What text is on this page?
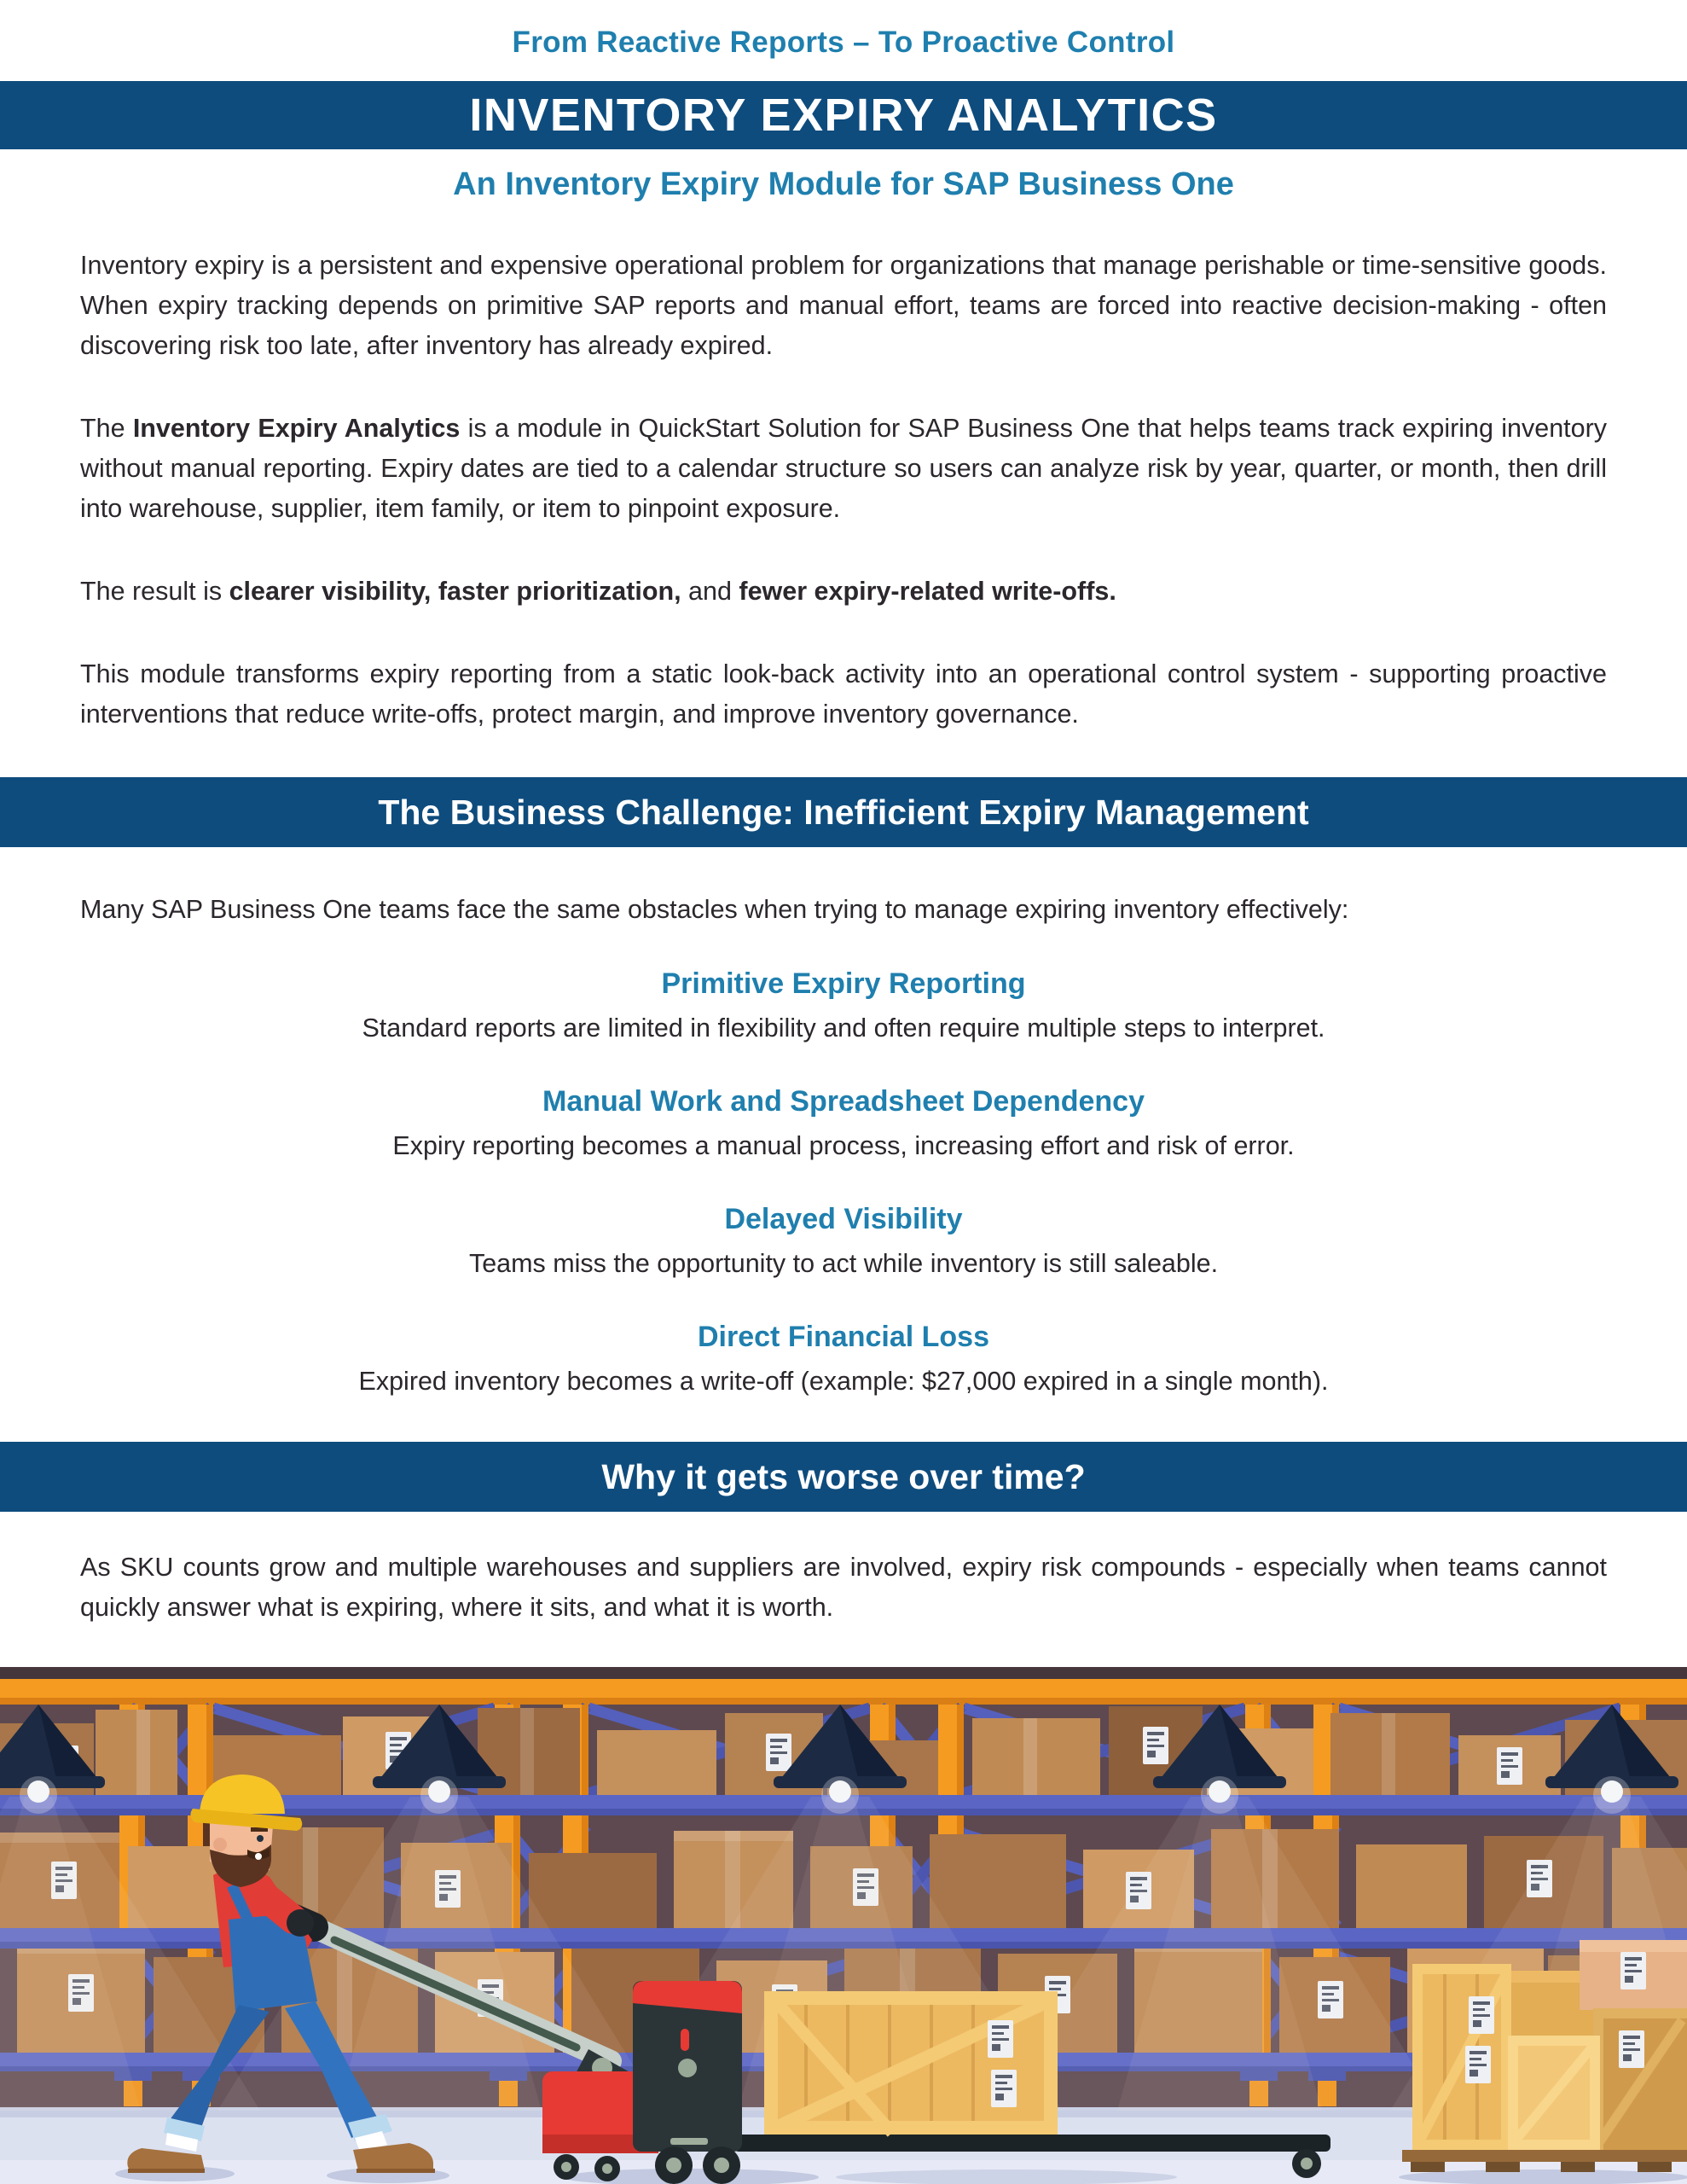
From Reactive Reports – To Proactive Control
INVENTORY EXPIRY ANALYTICS
An Inventory Expiry Module for SAP Business One

Inventory expiry is a persistent and expensive operational problem for organizations that manage perishable or time-sensitive goods. When expiry tracking depends on primitive SAP reports and manual effort, teams are forced into reactive decision-making - often discovering risk too late, after inventory has already expired.

The Inventory Expiry Analytics is a module in QuickStart Solution for SAP Business One that helps teams track expiring inventory without manual reporting. Expiry dates are tied to a calendar structure so users can analyze risk by year, quarter, or month, then drill into warehouse, supplier, item family, or item to pinpoint exposure.

The result is clearer visibility, faster prioritization, and fewer expiry-related write-offs.

This module transforms expiry reporting from a static look-back activity into an operational control system - supporting proactive interventions that reduce write-offs, protect margin, and improve inventory governance.

The Business Challenge: Inefficient Expiry Management

Many SAP Business One teams face the same obstacles when trying to manage expiring inventory effectively:

Primitive Expiry Reporting

Standard reports are limited in flexibility and often require multiple steps to interpret.

Manual Work and Spreadsheet Dependency

Expiry reporting becomes a manual process, increasing effort and risk of error.

Delayed Visibility

Teams miss the opportunity to act while inventory is still saleable.

Direct Financial Loss

Expired inventory becomes a write-off (example: $27,000 expired in a single month).

Why it gets worse over time?

As SKU counts grow and multiple warehouses and suppliers are involved, expiry risk compounds - especially when teams cannot quickly answer what is expiring, where it sits, and what it is worth.
